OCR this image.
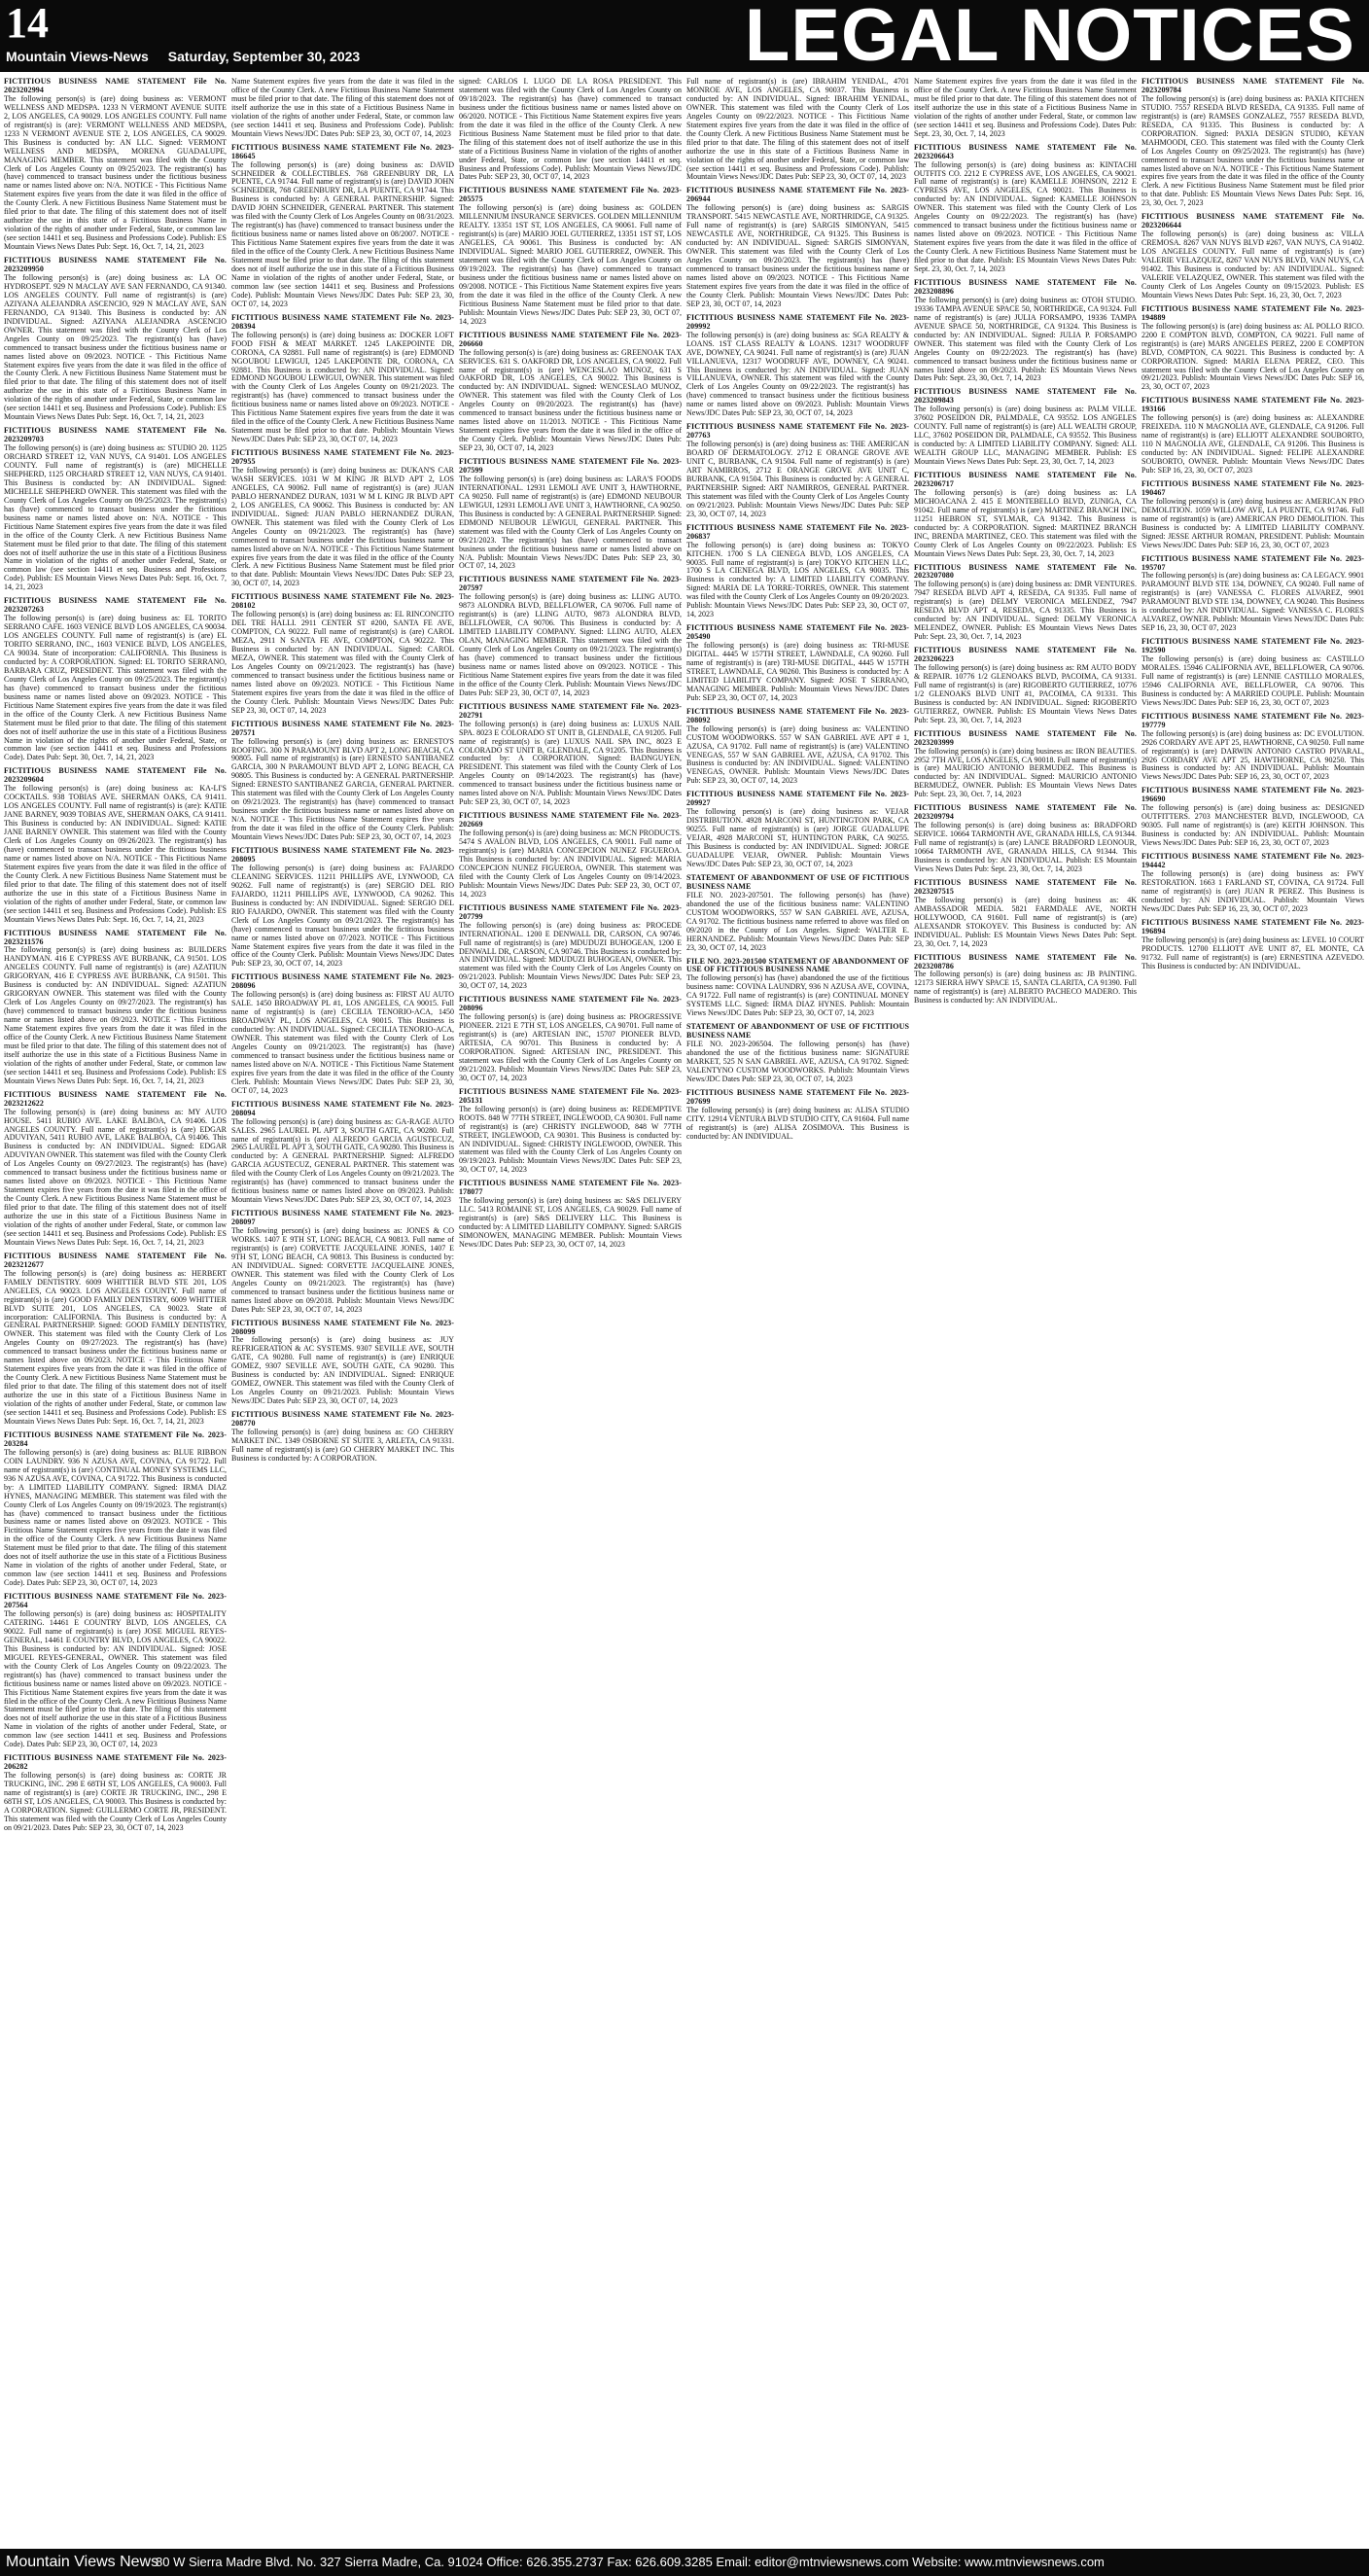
14
Mountain Views-News Saturday, September 30, 2023	LEGAL NOTICES
FICTITIOUS BUSINESS NAME STATEMENT File No. 2023202994
The following person(s) is (are) doing business as: VERMONT WELLNESS AND MEDSPA. 1233 N VERMONT AVENUE SUITE 2, LOS ANGELES, CA 90029. LOS ANGELES COUNTY. Full name of registrant(s) is (are): VERMONT WELLNESS AND MEDSPA, 1233 N VERMONT AVENUE STE 2, LOS ANGELES, CA 90029. This Business is conducted by: AN LLC. Signed: VERMONT WELLNESS AND MEDSPA, MORENA GUADALUPE, MANAGING MEMBER. This statement was filed with the County Clerk of Los Angeles County on 09/25/2023. The registrant(s) has (have) commenced to transact business under the fictitious business name or names listed above on: N/A. NOTICE - This Fictitious Name Statement expires five years from the date it was filed in the office of the County Clerk. A new Fictitious Business Name Statement must be filed prior to that date. The filing of this statement does not of itself authorize the use in this state of a Fictitious Business Name in violation of the rights of another under Federal, State, or common law (see section 14411 et seq. Business and Professions Code). Publish: ES Mountain Views News Dates Pub: Sept. 16, Oct. 7, 14, 21, 2023
FICTITIOUS BUSINESS NAME STATEMENT File No. 2023209950
The following person(s) is (are) doing business as: LA OC HYDROSEPT. 929 N MACLAY AVE SAN FERNANDO, CA 91340. LOS ANGELES COUNTY. Full name of registrant(s) is (are) AZIYANA ALEJANDRA ASCENCIO, 929 N MACLAY AVE, SAN FERNANDO, CA 91340. This Business is conducted by: AN INDIVIDUAL. Signed: AZIYANA ALEJANDRA ASCENCIO OWNER. This statement was filed with the County Clerk of Los Angeles County on 09/25/2023. The registrant(s) has (have) commenced to transact business under the fictitious business name or names listed above on 09/2023. NOTICE - This Fictitious Name Statement expires five years from the date it was filed in the office of the County Clerk. A new Fictitious Business Name Statement must be filed prior to that date. The filing of this statement does not of itself authorize the use in this state of a Fictitious Business Name in violation of the rights of another under Federal, State, or common law (see section 14411 et seq. Business and Professions Code). Publish: ES Mountain Views News Dates Pub: Sept. 16, Oct. 7, 14, 21, 2023
FICTITIOUS BUSINESS NAME STATEMENT File No. 2023209703
The following person(s) is (are) doing business as: STUDIO 20. 1125 ORCHARD STREET 12, VAN NUYS, CA 91401. LOS ANGELES COUNTY. Full name of registrant(s) is (are) MICHELLE SHEPHERD, 1125 ORCHARD STREET 12, VAN NUYS, CA 91401. This Business is conducted by: AN INDIVIDUAL. Signed: MICHELLE SHEPHERD OWNER. This statement was filed with the County Clerk of Los Angeles County on 09/25/2023. The registrant(s) has (have) commenced to transact business under the fictitious business name or names listed above on: N/A. NOTICE - This Fictitious Name Statement expires five years from the date it was filed in the office of the County Clerk. A new Fictitious Business Name Statement must be filed prior to that date. The filing of this statement does not of itself authorize the use in this state of a Fictitious Business Name in violation of the rights of another under Federal, State, or common law (see section 14411 et seq. Business and Professions Code). Publish: ES Mountain Views News Dates Pub: Sept. 16, Oct. 7, 14, 21, 2023
FICTITIOUS BUSINESS NAME STATEMENT File No. 2023207263
The following person(s) is (are) doing business as: EL TORITO SERRANO CAFE. 1603 VENICE BLVD LOS ANGELES, CA 90034. LOS ANGELES COUNTY. Full name of registrant(s) is (are) EL TORITO SERRANO, INC., 1603 VENICE BLVD, LOS ANGELES, CA 90034. State of incorporation: CALIFORNIA. This Business is conducted by: A CORPORATION. Signed: EL TORITO SERRANO, BARBARA CRUZ, PRESIDENT. This statement was filed with the County Clerk of Los Angeles County on 09/25/2023. The registrant(s) has (have) commenced to transact business under the fictitious business name or names listed above on 09/2023. NOTICE - This Fictitious Name Statement expires five years from the date it was filed in the office of the County Clerk. A new Fictitious Business Name Statement must be filed prior to that date. The filing of this statement does not of itself authorize the use in this state of a Fictitious Business Name in violation of the rights of another under Federal, State, or common law (see section 14411 et seq. Business and Professions Code). Dates Pub: Sept. 30, Oct. 7, 14, 21, 2023
FICTITIOUS BUSINESS NAME STATEMENT File No. 2023209604
The following person(s) is (are) doing business as: KA-LI'S COCKTAILS. 938 TOBIAS AVE. SHERMAN OAKS, CA 91411. LOS ANGELES COUNTY. Full name of registrant(s) is (are): KATIE JANE BARNEY, 9039 TOBIAS AVE, SHERMAN OAKS, CA 91411. This Business is conducted by: AN INDIVIDUAL. Signed: KATIE JANE BARNEY OWNER. This statement was filed with the County Clerk of Los Angeles County on 09/26/2023. The registrant(s) has (have) commenced to transact business under the fictitious business name or names listed above on N/A. NOTICE - This Fictitious Name Statement expires five years from the date it was filed in the office of the County Clerk. A new Fictitious Business Name Statement must be filed prior to that date. The filing of this statement does not of itself authorize the use in this state of a Fictitious Business Name in violation of the rights of another under Federal, State, or common law (see section 14411 et seq. Business and Professions Code). Publish: ES Mountain Views News Dates Pub: Sept. 16, Oct. 7, 14, 21, 2023
FICTITIOUS BUSINESS NAME STATEMENT File No. 2023211576
The following person(s) is (are) doing business as: BUILDERS HANDYMAN. 416 E CYPRESS AVE BURBANK, CA 91501. LOS ANGELES COUNTY. Full name of registrant(s) is (are) AZATIUN GRIGORYAN, 416 E CYPRESS AVE BURBANK, CA 91501. This Business is conducted by: AN INDIVIDUAL. Signed: AZATIUN GRIGORYAN OWNER. This statement was filed with the County Clerk of Los Angeles County on 09/27/2023. The registrant(s) has (have) commenced to transact business under the fictitious business name or names listed above on 09/2023. NOTICE - This Fictitious Name Statement expires five years from the date it was filed in the office of the County Clerk. A new Fictitious Business Name Statement must be filed prior to that date. The filing of this statement does not of itself authorize the use in this state of a Fictitious Business Name in violation of the rights of another under Federal, State, or common law (see section 14411 et seq. Business and Professions Code). Publish: ES Mountain Views News Dates Pub: Sept. 16, Oct. 7, 14, 21, 2023
FICTITIOUS BUSINESS NAME STATEMENT File No. 2023212622
The following person(s) is (are) doing business as: MY AUTO HOUSE. 5411 RUBIO AVE. LAKE BALBOA, CA 91406. LOS ANGELES COUNTY. Full name of registrant(s) is (are) EDGAR ADUVIYAN, 5411 RUBIO AVE, LAKE BALBOA, CA 91406. This Business is conducted by: AN INDIVIDUAL. Signed: EDGAR ADUVIYAN OWNER. This statement was filed with the County Clerk of Los Angeles County on 09/27/2023. The registrant(s) has (have) commenced to transact business under the fictitious business name or names listed above on 09/2023. NOTICE - This Fictitious Name Statement expires five years from the date it was filed in the office of the County Clerk. A new Fictitious Business Name Statement must be filed prior to that date. The filing of this statement does not of itself authorize the use in this state of a Fictitious Business Name in violation of the rights of another under Federal, State, or common law (see section 14411 et seq. Business and Professions Code). Publish: ES Mountain Views News Dates Pub: Sept. 16, Oct. 7, 14, 21, 2023
FICTITIOUS BUSINESS NAME STATEMENT File No. 2023212677
The following person(s) is (are) doing business as: HERBERT FAMILY DENTISTRY. 6009 WHITTIER BLVD STE 201, LOS ANGELES, CA 90023. LOS ANGELES COUNTY. Full name of registrant(s) is (are) GOOD FAMILY DENTISTRY, 6009 WHITTIER BLVD SUITE 201, LOS ANGELES, CA 90023. State of incorporation: CALIFORNIA. This Business is conducted by: A GENERAL PARTNERSHIP. Signed: GOOD FAMILY DENTISTRY, OWNER. This statement was filed with the County Clerk of Los Angeles County on 09/27/2023. The registrant(s) has (have) commenced to transact business under the fictitious business name or names listed above on 09/2023. NOTICE - This Fictitious Name Statement expires five years from the date it was filed in the office of the County Clerk. A new Fictitious Business Name Statement must be filed prior to that date. The filing of this statement does not of itself authorize the use in this state of a Fictitious Business Name in violation of the rights of another under Federal, State, or common law (see section 14411 et seq. Business and Professions Code). Publish: ES Mountain Views News Dates Pub: Sept. 16, Oct. 7, 14, 21, 2023
FICTITIOUS BUSINESS NAME STATEMENT File No. 2023-203284
The following person(s) is (are) doing business as: BLUE RIBBON COIN LAUNDRY. 936 N AZUSA AVE, COVINA, CA 91722. Full name of registrant(s) is (are) CONTINUAL MONEY SYSTEMS LLC, 936 N AZUSA AVE, COVINA, CA 91722. This Business is conducted by: A LIMITED LIABILITY COMPANY. Signed: IRMA DIAZ HYNES, MANAGING MEMBER. This statement was filed with the County Clerk of Los Angeles County on 09/19/2023. The registrant(s) has (have) commenced to transact business under the fictitious business name or names listed above on 09/2023. NOTICE - This Fictitious Name Statement expires five years from the date it was filed in the office of the County Clerk. A new Fictitious Business Name Statement must be filed prior to that date. The filing of this statement does not of itself authorize the use in this state of a Fictitious Business Name in violation of the rights of another under Federal, State, or common law (see section 14411 et seq. Business and Professions Code). Dates Pub: SEP 23, 30, OCT 07, 14, 2023
FICTITIOUS BUSINESS NAME STATEMENT File No. 2023-207564
The following person(s) is (are) doing business as: HOSPITALITY CATERING. 14461 E COUNTRY BLVD, LOS ANGELES, CA 90022. Full name of registrant(s) is (are) JOSE MIGUEL REYES-GENERAL, 14461 E COUNTRY BLVD, LOS ANGELES, CA 90022. This Business is conducted by: AN INDIVIDUAL. Signed: JOSE MIGUEL REYES-GENERAL, OWNER. This statement was filed with the County Clerk of Los Angeles County on 09/22/2023. The registrant(s) has (have) commenced to transact business under the fictitious business name or names listed above on 09/2023. NOTICE - This Fictitious Name Statement expires five years from the date it was filed in the office of the County Clerk. A new Fictitious Business Name Statement must be filed prior to that date. The filing of this statement does not of itself authorize the use in this state of a Fictitious Business Name in violation of the rights of another under Federal, State, or common law (see section 14411 et seq. Business and Professions Code). Dates Pub: SEP 23, 30, OCT 07, 14, 2023
FICTITIOUS BUSINESS NAME STATEMENT File No. 2023-206282
The following person(s) is (are) doing business as: CORTE JR TRUCKING, INC. 298 E 68TH ST, LOS ANGELES, CA 90003. Full name of registrant(s) is (are) CORTE JR TRUCKING, INC., 298 E 68TH ST, LOS ANGELES, CA 90003. This Business is conducted by: A CORPORATION. Signed: GUILLERMO CORTE JR, PRESIDENT. This statement was filed with the County Clerk of Los Angeles County on 09/21/2023. Dates Pub: SEP 23, 30, OCT 07, 14, 2023
Name Statement expires five years from the date it was filed in the office of the County Clerk. A new Fictitious Business Name Statement must be filed prior to that date. The filing of this statement does not of itself authorize the use in this state of a Fictitious Business Name in violation of the rights of another under Federal, State, or common law (see section 14411 et seq. Business and Professions Code). Publish: Mountain Views News/JDC Dates Pub: SEP 23, 30, OCT 07, 14, 2023
FICTITIOUS BUSINESS NAME STATEMENT File No. 2023-186645
The following person(s) is (are) doing business as: DAVID SCHNEIDER & COLLECTIBLES. 768 GREENBURY DR, LA PUENTE, CA 91744. Full name of registrant(s) is (are) DAVID JOHN SCHNEIDER, 768 GREENBURY DR, LA PUENTE, CA 91744. This Business is conducted by: A GENERAL PARTNERSHIP. Signed: DAVID JOHN SCHNEIDER, GENERAL PARTNER. This statement was filed with the County Clerk of Los Angeles County on 08/31/2023. The registrant(s) has (have) commenced to transact business under the fictitious business name or names listed above on 08/2007. NOTICE - This Fictitious Name Statement expires five years from the date it was filed in the office of the County Clerk. A new Fictitious Business Name Statement must be filed prior to that date. The filing of this statement does not of itself authorize the use in this state of a Fictitious Business Name in violation of the rights of another under Federal, State, or common law (see section 14411 et seq. Business and Professions Code). Publish: Mountain Views News/JDC Dates Pub: SEP 23, 30, OCT 07, 14, 2023
FICTITIOUS BUSINESS NAME STATEMENT File No. 2023-208394
The following person(s) is (are) doing business as: DOCKER LOFT FOOD FISH & MEAT MARKET. 1245 LAKEPOINTE DR, CORONA, CA 92881. Full name of registrant(s) is (are) EDMOND NGOUBOU LEWIGUI, 1245 LAKEPOINTE DR, CORONA, CA 92881. This Business is conducted by: AN INDIVIDUAL. Signed: EDMOND NGOUBOU LEWIGUI, OWNER. This statement was filed with the County Clerk of Los Angeles County on 09/21/2023. The registrant(s) has (have) commenced to transact business under the fictitious business name or names listed above on 09/2023. NOTICE - This Fictitious Name Statement expires five years from the date it was filed in the office of the County Clerk. A new Fictitious Business Name Statement must be filed prior to that date. Publish: Mountain Views News/JDC Dates Pub: SEP 23, 30, OCT 07, 14, 2023
FICTITIOUS BUSINESS NAME STATEMENT File No. 2023-207955
The following person(s) is (are) doing business as: DUKAN'S CAR WASH SERVICES. 1031 W M KING JR BLVD APT 2, LOS ANGELES, CA 90062. Full name of registrant(s) is (are) JUAN PABLO HERNANDEZ DURAN, 1031 W M L KING JR BLVD APT 2, LOS ANGELES, CA 90062. This Business is conducted by: AN INDIVIDUAL. Signed: JUAN PABLO HERNANDEZ DURAN, OWNER. This statement was filed with the County Clerk of Los Angeles County on 09/21/2023. The registrant(s) has (have) commenced to transact business under the fictitious business name or names listed above on N/A. NOTICE - This Fictitious Name Statement expires five years from the date it was filed in the office of the County Clerk. A new Fictitious Business Name Statement must be filed prior to that date. Publish: Mountain Views News/JDC Dates Pub: SEP 23, 30, OCT 07, 14, 2023
FICTITIOUS BUSINESS NAME STATEMENT File No. 2023-208102
The following person(s) is (are) doing business as: EL RINCONCITO DEL TRE HALLI. 2911 CENTER ST #200, SANTA FE AVE, COMPTON, CA 90222. Full name of registrant(s) is (are) CAROL MEZA, 2911 N SANTA FE AVE, COMPTON, CA 90222. This Business is conducted by: AN INDIVIDUAL. Signed: CAROL MEZA, OWNER. This statement was filed with the County Clerk of Los Angeles County on 09/21/2023. The registrant(s) has (have) commenced to transact business under the fictitious business name or names listed above on 09/2023. NOTICE - This Fictitious Name Statement expires five years from the date it was filed in the office of the County Clerk. Publish: Mountain Views News/JDC Dates Pub: SEP 23, 30, OCT 07, 14, 2023
FICTITIOUS BUSINESS NAME STATEMENT File No. 2023-207571
The following person(s) is (are) doing business as: ERNESTO'S ROOFING. 300 N PARAMOUNT BLVD APT 2, LONG BEACH, CA 90805. Full name of registrant(s) is (are) ERNESTO SANTIBANEZ GARCIA, 300 N PARAMOUNT BLVD APT 2, LONG BEACH, CA 90805. This Business is conducted by: A GENERAL PARTNERSHIP. Signed: ERNESTO SANTIBANEZ GARCIA, GENERAL PARTNER. This statement was filed with the County Clerk of Los Angeles County on 09/21/2023. The registrant(s) has (have) commenced to transact business under the fictitious business name or names listed above on N/A. NOTICE - This Fictitious Name Statement expires five years from the date it was filed in the office of the County Clerk. Publish: Mountain Views News/JDC Dates Pub: SEP 23, 30, OCT 07, 14, 2023
FICTITIOUS BUSINESS NAME STATEMENT File No. 2023-208095
The following person(s) is (are) doing business as: FAJARDO CLEANING SERVICES. 11211 PHILLIPS AVE, LYNWOOD, CA 90262. Full name of registrant(s) is (are) SERGIO DEL RIO FAJARDO, 11211 PHILLIPS AVE, LYNWOOD, CA 90262. This Business is conducted by: AN INDIVIDUAL. Signed: SERGIO DEL RIO FAJARDO, OWNER. This statement was filed with the County Clerk of Los Angeles County on 09/21/2023. The registrant(s) has (have) commenced to transact business under the fictitious business name or names listed above on 07/2023. NOTICE - This Fictitious Name Statement expires five years from the date it was filed in the office of the County Clerk. Publish: Mountain Views News/JDC Dates Pub: SEP 23, 30, OCT 07, 14, 2023
FICTITIOUS BUSINESS NAME STATEMENT File No. 2023-208096
The following person(s) is (are) doing business as: FIRST AU AUTO SALE. 1450 BROADWAY PL #1, LOS ANGELES, CA 90015. Full name of registrant(s) is (are) CECILIA TENORIO-ACA, 1450 BROADWAY PL, LOS ANGELES, CA 90015. This Business is conducted by: AN INDIVIDUAL. Signed: CECILIA TENORIO-ACA, OWNER. This statement was filed with the County Clerk of Los Angeles County on 09/21/2023. The registrant(s) has (have) commenced to transact business under the fictitious business name or names listed above on N/A. NOTICE - This Fictitious Name Statement expires five years from the date it was filed in the office of the County Clerk. Publish: Mountain Views News/JDC Dates Pub: SEP 23, 30, OCT 07, 14, 2023
FICTITIOUS BUSINESS NAME STATEMENT File No. 2023-208094
The following person(s) is (are) doing business as: GA-RAGE AUTO SALES. 2965 LAUREL PL APT 3, SOUTH GATE, CA 90280. Full name of registrant(s) is (are) ALFREDO GARCIA AGUSTECUZ, 2965 LAUREL PL APT 3, SOUTH GATE, CA 90280. This Business is conducted by: A GENERAL PARTNERSHIP. Signed: ALFREDO GARCIA AGUSTECUZ, GENERAL PARTNER. This statement was filed with the County Clerk of Los Angeles County on 09/21/2023. The registrant(s) has (have) commenced to transact business under the fictitious business name or names listed above on 09/2023. Publish: Mountain Views News/JDC Dates Pub: SEP 23, 30, OCT 07, 14, 2023
FICTITIOUS BUSINESS NAME STATEMENT File No. 2023-208097
The following person(s) is (are) doing business as: JONES & CO WORKS. 1407 E 9TH ST, LONG BEACH, CA 90813. Full name of registrant(s) is (are) CORVETTE JACQUELAINE JONES, 1407 E 9TH ST, LONG BEACH, CA 90813. This Business is conducted by: AN INDIVIDUAL. Signed: CORVETTE JACQUELAINE JONES, OWNER. This statement was filed with the County Clerk of Los Angeles County on 09/21/2023. The registrant(s) has (have) commenced to transact business under the fictitious business name or names listed above on 09/2018. Publish: Mountain Views News/JDC Dates Pub: SEP 23, 30, OCT 07, 14, 2023
FICTITIOUS BUSINESS NAME STATEMENT File No. 2023-208099
The following person(s) is (are) doing business as: JUY REFRIGERATION & AC SYSTEMS. 9307 SEVILLE AVE, SOUTH GATE, CA 90280. Full name of registrant(s) is (are) ENRIQUE GOMEZ, 9307 SEVILLE AVE, SOUTH GATE, CA 90280. This Business is conducted by: AN INDIVIDUAL. Signed: ENRIQUE GOMEZ, OWNER. This statement was filed with the County Clerk of Los Angeles County on 09/21/2023. Publish: Mountain Views News/JDC Dates Pub: SEP 23, 30, OCT 07, 14, 2023
FICTITIOUS BUSINESS NAME STATEMENT File No. 2023-208770
The following person(s) is (are) doing business as: GO CHERRY MARKET INC. 1349 OSBORNE ST SUITE 3, ARLETA, CA 91331. Full name of registrant(s) is (are) GO CHERRY MARKET INC. This Business is conducted by: A CORPORATION.
signed: CARLOS I. LUGO DE LA ROSA PRESIDENT. This statement was filed with the County Clerk of Los Angeles County on 09/18/2023. The registrant(s) has (have) commenced to transact business under the fictitious business name or names listed above on 06/2020. NOTICE - This Fictitious Name Statement expires five years from the date it was filed in the office of the County Clerk. A new Fictitious Business Name Statement must be filed prior to that date. The filing of this statement does not of itself authorize the use in this state of a Fictitious Business Name in violation of the rights of another under Federal, State, or common law (see section 14411 et seq. Business and Professions Code). Publish: Mountain Views News/JDC Dates Pub: SEP 23, 30, OCT 07, 14, 2023
FICTITIOUS BUSINESS NAME STATEMENT File No. 2023-205575
The following person(s) is (are) doing business as: GOLDEN MILLENNIUM INSURANCE SERVICES. GOLDEN MILLENNIUM REALTY. 13351 1ST ST, LOS ANGELES, CA 90061. Full name of registrant(s) is (are) MARIO JOEL GUTIERREZ, 13351 1ST ST, LOS ANGELES, CA 90061. This Business is conducted by: AN INDIVIDUAL. Signed: MARIO JOEL GUTIERREZ, OWNER. This statement was filed with the County Clerk of Los Angeles County on 09/19/2023. The registrant(s) has (have) commenced to transact business under the fictitious business name or names listed above on 09/2008. NOTICE - This Fictitious Name Statement expires five years from the date it was filed in the office of the County Clerk. A new Fictitious Business Name Statement must be filed prior to that date. Publish: Mountain Views News/JDC Dates Pub: SEP 23, 30, OCT 07, 14, 2023
FICTITIOUS BUSINESS NAME STATEMENT File No. 2023-206660
The following person(s) is (are) doing business as: GREENOAK TAX SERVICES. 631 S. OAKFORD DR, LOS ANGELES, CA 90022. Full name of registrant(s) is (are) WENCESLAO MUNOZ, 631 S OAKFORD DR, LOS ANGELES, CA 90022. This Business is conducted by: AN INDIVIDUAL. Signed: WENCESLAO MUNOZ, OWNER. This statement was filed with the County Clerk of Los Angeles County on 09/20/2023. The registrant(s) has (have) commenced to transact business under the fictitious business name or names listed above on 11/2013. NOTICE - This Fictitious Name Statement expires five years from the date it was filed in the office of the County Clerk. Publish: Mountain Views News/JDC Dates Pub: SEP 23, 30, OCT 07, 14, 2023
FICTITIOUS BUSINESS NAME STATEMENT File No. 2023-207599
The following person(s) is (are) doing business as: LARA'S FOODS INTERNATIONAL. 12931 LEMOLI AVE UNIT 3, HAWTHORNE, CA 90250. Full name of registrant(s) is (are) EDMOND NEUBOUR LEWIGUI, 12931 LEMOLI AVE UNIT 3, HAWTHORNE, CA 90250. This Business is conducted by: A GENERAL PARTNERSHIP. Signed: EDMOND NEUBOUR LEWIGUI, GENERAL PARTNER. This statement was filed with the County Clerk of Los Angeles County on 09/21/2023. The registrant(s) has (have) commenced to transact business under the fictitious business name or names listed above on N/A. Publish: Mountain Views News/JDC Dates Pub: SEP 23, 30, OCT 07, 14, 2023
FICTITIOUS BUSINESS NAME STATEMENT File No. 2023-207597
The following person(s) is (are) doing business as: LLING AUTO. 9873 ALONDRA BLVD, BELLFLOWER, CA 90706. Full name of registrant(s) is (are) LLING AUTO, 9873 ALONDRA BLVD, BELLFLOWER, CA 90706. This Business is conducted by: A LIMITED LIABILITY COMPANY. Signed: LLING AUTO, ALEX OLAN, MANAGING MEMBER. This statement was filed with the County Clerk of Los Angeles County on 09/21/2023. The registrant(s) has (have) commenced to transact business under the fictitious business name or names listed above on 09/2023. NOTICE - This Fictitious Name Statement expires five years from the date it was filed in the office of the County Clerk. Publish: Mountain Views News/JDC Dates Pub: SEP 23, 30, OCT 07, 14, 2023
FICTITIOUS BUSINESS NAME STATEMENT File No. 2023-202791
The following person(s) is (are) doing business as: LUXUS NAIL SPA. 8023 E COLORADO ST UNIT B, GLENDALE, CA 91205. Full name of registrant(s) is (are) LUXUS NAIL SPA INC, 8023 E COLORADO ST UNIT B, GLENDALE, CA 91205. This Business is conducted by: A CORPORATION. Signed: BADNGUYEN, PRESIDENT. This statement was filed with the County Clerk of Los Angeles County on 09/14/2023. The registrant(s) has (have) commenced to transact business under the fictitious business name or names listed above on N/A. Publish: Mountain Views News/JDC Dates Pub: SEP 23, 30, OCT 07, 14, 2023
FICTITIOUS BUSINESS NAME STATEMENT File No. 2023-202669
The following person(s) is (are) doing business as: MCN PRODUCTS. 5474 S AVALON BLVD, LOS ANGELES, CA 90011. Full name of registrant(s) is (are) MARIA CONCEPCION NUNEZ FIGUEROA. This Business is conducted by: AN INDIVIDUAL. Signed: MARIA CONCEPCION NUNEZ FIGUEROA, OWNER. This statement was filed with the County Clerk of Los Angeles County on 09/14/2023. Publish: Mountain Views News/JDC Dates Pub: SEP 23, 30, OCT 07, 14, 2023
FICTITIOUS BUSINESS NAME STATEMENT File No. 2023-207799
The following person(s) is (are) doing business as: PROCEDE INTERNATIONAL. 1200 E DENWALL DR, CARSON, CA 90746. Full name of registrant(s) is (are) MDUDUZI BUHOGEAN, 1200 E DENWALL DR, CARSON, CA 90746. This Business is conducted by: AN INDIVIDUAL. Signed: MDUDUZI BUHOGEAN, OWNER. This statement was filed with the County Clerk of Los Angeles County on 09/21/2023. Publish: Mountain Views News/JDC Dates Pub: SEP 23, 30, OCT 07, 14, 2023
FICTITIOUS BUSINESS NAME STATEMENT File No. 2023-208096
The following person(s) is (are) doing business as: PROGRESSIVE PIONEER. 2121 E 7TH ST, LOS ANGELES, CA 90701. Full name of registrant(s) is (are) ARTESIAN INC, 15707 PIONEER BLVD, ARTESIA, CA 90701. This Business is conducted by: A CORPORATION. Signed: ARTESIAN INC, PRESIDENT. This statement was filed with the County Clerk of Los Angeles County on 09/21/2023. Publish: Mountain Views News/JDC Dates Pub: SEP 23, 30, OCT 07, 14, 2023
FICTITIOUS BUSINESS NAME STATEMENT File No. 2023-205131
The following person(s) is (are) doing business as: REDEMPTIVE ROOTS. 848 W 77TH STREET, INGLEWOOD, CA 90301. Full name of registrant(s) is (are) CHRISTY INGLEWOOD, 848 W 77TH STREET, INGLEWOOD, CA 90301. This Business is conducted by: AN INDIVIDUAL. Signed: CHRISTY INGLEWOOD, OWNER. This statement was filed with the County Clerk of Los Angeles County on 09/19/2023. Publish: Mountain Views News/JDC Dates Pub: SEP 23, 30, OCT 07, 14, 2023
FICTITIOUS BUSINESS NAME STATEMENT File No. 2023-178077
The following person(s) is (are) doing business as: S&S DELIVERY LLC. 5413 ROMAINE ST, LOS ANGELES, CA 90029. Full name of registrant(s) is (are) S&S DELIVERY LLC. This Business is conducted by: A LIMITED LIABILITY COMPANY. Signed: SARGIS SIMONOWEN, MANAGING MEMBER. Publish: Mountain Views News/JDC Dates Pub: SEP 23, 30, OCT 07, 14, 2023
Full name of registrant(s) is (are) IBRAHIM YENIDAL, 4701 MONROE AVE, LOS ANGELES, CA 90037. This Business is conducted by: AN INDIVIDUAL. Signed: IBRAHIM YENIDAL, OWNER. This statement was filed with the County Clerk of Los Angeles County on 09/22/2023. NOTICE - This Fictitious Name Statement expires five years from the date it was filed in the office of the County Clerk. A new Fictitious Business Name Statement must be filed prior to that date. The filing of this statement does not of itself authorize the use in this state of a Fictitious Business Name in violation of the rights of another under Federal, State, or common law (see section 14411 et seq. Business and Professions Code). Publish: Mountain Views News/JDC Dates Pub: SEP 23, 30, OCT 07, 14, 2023
FICTITIOUS BUSINESS NAME STATEMENT File No. 2023-206944
The following person(s) is (are) doing business as: SARGIS TRANSPORT. 5415 NEWCASTLE AVE, NORTHRIDGE, CA 91325. Full name of registrant(s) is (are) SARGIS SIMONYAN, 5415 NEWCASTLE AVE, NORTHRIDGE, CA 91325. This Business is conducted by: AN INDIVIDUAL. Signed: SARGIS SIMONYAN, OWNER. This statement was filed with the County Clerk of Los Angeles County on 09/20/2023. The registrant(s) has (have) commenced to transact business under the fictitious business name or names listed above on 09/2023. NOTICE - This Fictitious Name Statement expires five years from the date it was filed in the office of the County Clerk. Publish: Mountain Views News/JDC Dates Pub: SEP 23, 30, OCT 07, 14, 2023
FICTITIOUS BUSINESS NAME STATEMENT File No. 2023-209992
The following person(s) is (are) doing business as: SGA REALTY & LOANS. 1ST CLASS REALTY & LOANS. 12317 WOODRUFF AVE, DOWNEY, CA 90241. Full name of registrant(s) is (are) JUAN VILLANUEVA, 12317 WOODRUFF AVE, DOWNEY, CA 90241. This Business is conducted by: AN INDIVIDUAL. Signed: JUAN VILLANUEVA, OWNER. This statement was filed with the County Clerk of Los Angeles County on 09/22/2023. The registrant(s) has (have) commenced to transact business under the fictitious business name or names listed above on 09/2023. Publish: Mountain Views News/JDC Dates Pub: SEP 23, 30, OCT 07, 14, 2023
FICTITIOUS BUSINESS NAME STATEMENT File No. 2023-207763
The following person(s) is (are) doing business as: THE AMERICAN BOARD OF DERMATOLOGY. 2712 E ORANGE GROVE AVE UNIT C, BURBANK, CA 91504. Full name of registrant(s) is (are) ART NAMIRROS, 2712 E ORANGE GROVE AVE UNIT C, BURBANK, CA 91504. This Business is conducted by: A GENERAL PARTNERSHIP. Signed: ART NAMIRROS, GENERAL PARTNER. This statement was filed with the County Clerk of Los Angeles County on 09/21/2023. Publish: Mountain Views News/JDC Dates Pub: SEP 23, 30, OCT 07, 14, 2023
FICTITIOUS BUSINESS NAME STATEMENT File No. 2023-206837
The following person(s) is (are) doing business as: TOKYO KITCHEN. 1700 S LA CIENEGA BLVD, LOS ANGELES, CA 90035. Full name of registrant(s) is (are) TOKYO KITCHEN LLC, 1700 S LA CIENEGA BLVD, LOS ANGELES, CA 90035. This Business is conducted by: A LIMITED LIABILITY COMPANY. Signed: MARIA DE LA TORRE-TORRES, OWNER. This statement was filed with the County Clerk of Los Angeles County on 09/20/2023. Publish: Mountain Views News/JDC Dates Pub: SEP 23, 30, OCT 07, 14, 2023
FICTITIOUS BUSINESS NAME STATEMENT File No. 2023-205490
The following person(s) is (are) doing business as: TRI-MUSE DIGITAL. 4445 W 157TH STREET, LAWNDALE, CA 90260. Full name of registrant(s) is (are) TRI-MUSE DIGITAL, 4445 W 157TH STREET, LAWNDALE, CA 90260. This Business is conducted by: A LIMITED LIABILITY COMPANY. Signed: JOSE T SERRANO, MANAGING MEMBER. Publish: Mountain Views News/JDC Dates Pub: SEP 23, 30, OCT 07, 14, 2023
FICTITIOUS BUSINESS NAME STATEMENT File No. 2023-208092
The following person(s) is (are) doing business as: VALENTINO CUSTOM WOODWORKS. 557 W SAN GABRIEL AVE APT # 1, AZUSA, CA 91702. Full name of registrant(s) is (are) VALENTINO VENEGAS, 557 W SAN GABRIEL AVE, AZUSA, CA 91702. This Business is conducted by: AN INDIVIDUAL. Signed: VALENTINO VENEGAS, OWNER. Publish: Mountain Views News/JDC Dates Pub: SEP 23, 30, OCT 07, 14, 2023
FICTITIOUS BUSINESS NAME STATEMENT File No. 2023-209927
The following person(s) is (are) doing business as: VEJAR DISTRIBUTION. 4928 MARCONI ST, HUNTINGTON PARK, CA 90255. Full name of registrant(s) is (are) JORGE GUADALUPE VEJAR, 4928 MARCONI ST, HUNTINGTON PARK, CA 90255. This Business is conducted by: AN INDIVIDUAL. Signed: JORGE GUADALUPE VEJAR, OWNER. Publish: Mountain Views News/JDC Dates Pub: SEP 23, 30, OCT 07, 14, 2023
STATEMENT OF ABANDONMENT OF USE OF FICTITIOUS BUSINESS NAME
FILE NO. 2023-207501. The following person(s) has (have) abandoned the use of the fictitious business name: VALENTINO CUSTOM WOODWORKS, 557 W SAN GABRIEL AVE, AZUSA, CA 91702. The fictitious business name referred to above was filed on 09/2020 in the County of Los Angeles. Signed: WALTER E. HERNANDEZ. Publish: Mountain Views News/JDC Dates Pub: SEP 23, 30, OCT 07, 14, 2023
FILE NO. 2023-201500 STATEMENT OF ABANDONMENT OF USE OF FICTITIOUS BUSINESS NAME
The following person(s) has (have) abandoned the use of the fictitious business name: COVINA LAUNDRY, 936 N AZUSA AVE, COVINA, CA 91722. Full name of registrant(s) is (are) CONTINUAL MONEY SYSTEMS LLC. Signed: IRMA DIAZ HYNES. Publish: Mountain Views News/JDC Dates Pub: SEP 23, 30, OCT 07, 14, 2023
STATEMENT OF ABANDONMENT OF USE OF FICTITIOUS BUSINESS NAME
FILE NO. 2023-206504. The following person(s) has (have) abandoned the use of the fictitious business name: SIGNATURE MARKET, 525 N SAN GABRIEL AVE, AZUSA, CA 91702. Signed: VALENTYNO CUSTOM WOODWORKS. Publish: Mountain Views News/JDC Dates Pub: SEP 23, 30, OCT 07, 14, 2023
FICTITIOUS BUSINESS NAME STATEMENT File No. 2023-207699
The following person(s) is (are) doing business as: ALISA STUDIO CITY. 12914 VENTURA BLVD STUDIO CITY, CA 91604. Full name of registrant(s) is (are) ALISA ZOSIMOVA. This Business is conducted by: AN INDIVIDUAL.
Name Statement expires five years from the date it was filed in the office of the County Clerk. A new Fictitious Business Name Statement must be filed prior to that date. The filing of this statement does not of itself authorize the use in this state of a Fictitious Business Name in violation of the rights of another under Federal, State, or common law (see section 14411 et seq. Business and Professions Code). Dates Pub: Sept. 23, 30, Oct. 7, 14, 2023
FICTITIOUS BUSINESS NAME STATEMENT File No. 2023206643
The following person(s) is (are) doing business as: KINTACHI OUTFITS CO. 2212 E CYPRESS AVE, LOS ANGELES, CA 90021. Full name of registrant(s) is (are) KAMELLE JOHNSON, 2212 E CYPRESS AVE, LOS ANGELES, CA 90021. This Business is conducted by: AN INDIVIDUAL. Signed: KAMELLE JOHNSON OWNER. This statement was filed with the County Clerk of Los Angeles County on 09/22/2023. The registrant(s) has (have) commenced to transact business under the fictitious business name or names listed above on 09/2023. NOTICE - This Fictitious Name Statement expires five years from the date it was filed in the office of the County Clerk. A new Fictitious Business Name Statement must be filed prior to that date. Publish: ES Mountain Views News Dates Pub: Sept. 23, 30, Oct. 7, 14, 2023
FICTITIOUS BUSINESS NAME STATEMENT File No. 2023208896
The following person(s) is (are) doing business as: OTOH STUDIO. 19336 TAMPA AVENUE SPACE 50, NORTHRIDGE, CA 91324. Full name of registrant(s) is (are) JULIA FORSAMPO, 19336 TAMPA AVENUE SPACE 50, NORTHRIDGE, CA 91324. This Business is conducted by: AN INDIVIDUAL. Signed: JULIA P. FORSAMPO OWNER. This statement was filed with the County Clerk of Los Angeles County on 09/22/2023. The registrant(s) has (have) commenced to transact business under the fictitious business name or names listed above on 09/2023. Publish: ES Mountain Views News Dates Pub: Sept. 23, 30, Oct. 7, 14, 2023
FICTITIOUS BUSINESS NAME STATEMENT File No. 2023209843
The following person(s) is (are) doing business as: PALM VILLE. 37602 POSEIDON DR, PALMDALE, CA 93552. LOS ANGELES COUNTY. Full name of registrant(s) is (are) ALL WEALTH GROUP, LLC, 37602 POSEIDON DR, PALMDALE, CA 93552. This Business is conducted by: A LIMITED LIABILITY COMPANY. Signed: ALL WEALTH GROUP LLC, MANAGING MEMBER. Publish: ES Mountain Views News Dates Pub: Sept. 23, 30, Oct. 7, 14, 2023
FICTITIOUS BUSINESS NAME STATEMENT File No. 2023206717
The following person(s) is (are) doing business as: LA MICHOACANA 2. 415 E MONTEBELLO BLVD, ZUNIGA, CA 91042. Full name of registrant(s) is (are) MARTINEZ BRANCH INC, 11251 HEBRON ST, SYLMAR, CA 91342. This Business is conducted by: A CORPORATION. Signed: MARTINEZ BRANCH INC, BRENDA MARTINEZ, CEO. This statement was filed with the County Clerk of Los Angeles County on 09/22/2023. Publish: ES Mountain Views News Dates Pub: Sept. 23, 30, Oct. 7, 14, 2023
FICTITIOUS BUSINESS NAME STATEMENT File No. 2023207080
The following person(s) is (are) doing business as: DMR VENTURES. 7947 RESEDA BLVD APT 4, RESEDA, CA 91335. Full name of registrant(s) is (are) DELMY VERONICA MELENDEZ, 7947 RESEDA BLVD APT 4, RESEDA, CA 91335. This Business is conducted by: AN INDIVIDUAL. Signed: DELMY VERONICA MELENDEZ, OWNER. Publish: ES Mountain Views News Dates Pub: Sept. 23, 30, Oct. 7, 14, 2023
FICTITIOUS BUSINESS NAME STATEMENT File No. 2023206223
The following person(s) is (are) doing business as: RM AUTO BODY & REPAIR. 10776 1/2 GLENOAKS BLVD, PACOIMA, CA 91331. Full name of registrant(s) is (are) RIGOBERTO GUTIERREZ, 10776 1/2 GLENOAKS BLVD UNIT #1, PACOIMA, CA 91331. This Business is conducted by: AN INDIVIDUAL. Signed: RIGOBERTO GUTIERREZ, OWNER. Publish: ES Mountain Views News Dates Pub: Sept. 23, 30, Oct. 7, 14, 2023
FICTITIOUS BUSINESS NAME STATEMENT File No. 2023203999
The following person(s) is (are) doing business as: IRON BEAUTIES. 2952 7TH AVE, LOS ANGELES, CA 90018. Full name of registrant(s) is (are) MAURICIO ANTONIO BERMUDEZ. This Business is conducted by: AN INDIVIDUAL. Signed: MAURICIO ANTONIO BERMUDEZ, OWNER. Publish: ES Mountain Views News Dates Pub: Sept. 23, 30, Oct. 7, 14, 2023
FICTITIOUS BUSINESS NAME STATEMENT File No. 2023209794
The following person(s) is (are) doing business as: BRADFORD SERVICE. 10664 TARMONTH AVE, GRANADA HILLS, CA 91344. Full name of registrant(s) is (are) LANCE BRADFORD LEONOUR, 10664 TARMONTH AVE, GRANADA HILLS, CA 91344. This Business is conducted by: AN INDIVIDUAL. Publish: ES Mountain Views News Dates Pub: Sept. 23, 30, Oct. 7, 14, 2023
FICTITIOUS BUSINESS NAME STATEMENT File No. 2023207515
The following person(s) is (are) doing business as: 4K AMBASSADOR MEDIA. 5821 FARMDALE AVE, NORTH HOLLYWOOD, CA 91601. Full name of registrant(s) is (are) ALEXSANDR STOKOYEV. This Business is conducted by: AN INDIVIDUAL. Publish: ES Mountain Views News Dates Pub: Sept. 23, 30, Oct. 7, 14, 2023
FICTITIOUS BUSINESS NAME STATEMENT File No. 2023208786
The following person(s) is (are) doing business as: JB PAINTING. 12173 SIERRA HWY SPACE 15, SANTA CLARITA, CA 91390. Full name of registrant(s) is (are) ALBERTO PACHECO MADERO. This Business is conducted by: AN INDIVIDUAL.
FICTITIOUS BUSINESS NAME STATEMENT File No. 2023209784
The following person(s) is (are) doing business as: PAXIA KITCHEN STUDIO. 7557 RESEDA BLVD RESEDA, CA 91335. Full name of registrant(s) is (are) RAMSES GONZALEZ, 7557 RESEDA BLVD, RESEDA, CA 91335. This Business is conducted by: A CORPORATION. Signed: PAXIA DESIGN STUDIO, KEYAN MAHMOODI, CEO. This statement was filed with the County Clerk of Los Angeles County on 09/25/2023. The registrant(s) has (have) commenced to transact business under the fictitious business name or names listed above on N/A. NOTICE - This Fictitious Name Statement expires five years from the date it was filed in the office of the County Clerk. A new Fictitious Business Name Statement must be filed prior to that date. Publish: ES Mountain Views News Dates Pub: Sept. 16, 23, 30, Oct. 7, 2023
FICTITIOUS BUSINESS NAME STATEMENT File No. 2023206644
The following person(s) is (are) doing business as: VILLA CREMOSA. 8267 VAN NUYS BLVD #267, VAN NUYS, CA 91402. LOS ANGELES COUNTY. Full name of registrant(s) is (are) VALERIE VELAZQUEZ, 8267 VAN NUYS BLVD, VAN NUYS, CA 91402. This Business is conducted by: AN INDIVIDUAL. Signed: VALERIE VELAZQUEZ, OWNER. This statement was filed with the County Clerk of Los Angeles County on 09/15/2023. Publish: ES Mountain Views News Dates Pub: Sept. 16, 23, 30, Oct. 7, 2023
FICTITIOUS BUSINESS NAME STATEMENT File No. 2023-194889
The following person(s) is (are) doing business as: AL POLLO RICO. 2200 E COMPTON BLVD, COMPTON, CA 90221. Full name of registrant(s) is (are) MARS ANGELES PEREZ, 2200 E COMPTON BLVD, COMPTON, CA 90221. This Business is conducted by: A CORPORATION. Signed: MARIA ELENA PEREZ, CEO. This statement was filed with the County Clerk of Los Angeles County on 09/21/2023. Publish: Mountain Views News/JDC Dates Pub: SEP 16, 23, 30, OCT 07, 2023
FICTITIOUS BUSINESS NAME STATEMENT File No. 2023-193166
The following person(s) is (are) doing business as: ALEXANDRE FREIXEDA. 110 N MAGNOLIA AVE, GLENDALE, CA 91206. Full name of registrant(s) is (are) ELLIOTT ALEXANDRE SOUBORTO, 110 N MAGNOLIA AVE, GLENDALE, CA 91206. This Business is conducted by: AN INDIVIDUAL. Signed: FELIPE ALEXANDRE SOUBORTO, OWNER. Publish: Mountain Views News/JDC Dates Pub: SEP 16, 23, 30, OCT 07, 2023
FICTITIOUS BUSINESS NAME STATEMENT File No. 2023-190467
The following person(s) is (are) doing business as: AMERICAN PRO DEMOLITION. 1059 WILLOW AVE, LA PUENTE, CA 91746. Full name of registrant(s) is (are) AMERICAN PRO DEMOLITION. This Business is conducted by: A LIMITED LIABILITY COMPANY. Signed: JESSE ARTHUR ROMAN, PRESIDENT. Publish: Mountain Views News/JDC Dates Pub: SEP 16, 23, 30, OCT 07, 2023
FICTITIOUS BUSINESS NAME STATEMENT File No. 2023-195707
The following person(s) is (are) doing business as: CA LEGACY. 9901 PARAMOUNT BLVD STE 134, DOWNEY, CA 90240. Full name of registrant(s) is (are) VANESSA C. FLORES ALVAREZ, 9901 PARAMOUNT BLVD STE 134, DOWNEY, CA 90240. This Business is conducted by: AN INDIVIDUAL. Signed: VANESSA C. FLORES ALVAREZ, OWNER. Publish: Mountain Views News/JDC Dates Pub: SEP 16, 23, 30, OCT 07, 2023
FICTITIOUS BUSINESS NAME STATEMENT File No. 2023-192590
The following person(s) is (are) doing business as: CASTILLO MORALES. 15946 CALIFORNIA AVE, BELLFLOWER, CA 90706. Full name of registrant(s) is (are) LENNIE CASTILLO MORALES, 15946 CALIFORNIA AVE, BELLFLOWER, CA 90706. This Business is conducted by: A MARRIED COUPLE. Publish: Mountain Views News/JDC Dates Pub: SEP 16, 23, 30, OCT 07, 2023
FICTITIOUS BUSINESS NAME STATEMENT File No. 2023-197779
The following person(s) is (are) doing business as: DC EVOLUTION. 2926 CORDARY AVE APT 25, HAWTHORNE, CA 90250. Full name of registrant(s) is (are) DARWIN ANTONIO CASTRO PIVARAL, 2926 CORDARY AVE APT 25, HAWTHORNE, CA 90250. This Business is conducted by: AN INDIVIDUAL. Publish: Mountain Views News/JDC Dates Pub: SEP 16, 23, 30, OCT 07, 2023
FICTITIOUS BUSINESS NAME STATEMENT File No. 2023-196690
The following person(s) is (are) doing business as: DESIGNED OUTFITTERS. 2703 MANCHESTER BLVD, INGLEWOOD, CA 90305. Full name of registrant(s) is (are) KEITH JOHNSON. This Business is conducted by: AN INDIVIDUAL. Publish: Mountain Views News/JDC Dates Pub: SEP 16, 23, 30, OCT 07, 2023
FICTITIOUS BUSINESS NAME STATEMENT File No. 2023-194442
The following person(s) is (are) doing business as: FWY RESTORATION. 1663 1 FARLAND ST, COVINA, CA 91724. Full name of registrant(s) is (are) JUAN R PEREZ. This Business is conducted by: AN INDIVIDUAL. Publish: Mountain Views News/JDC Dates Pub: SEP 16, 23, 30, OCT 07, 2023
FICTITIOUS BUSINESS NAME STATEMENT File No. 2023-196894
The following person(s) is (are) doing business as: LEVEL 10 COURT PRODUCTS. 12700 ELLIOTT AVE UNIT 87, EL MONTE, CA 91732. Full name of registrant(s) is (are) ERNESTINA AZEVEDO. This Business is conducted by: AN INDIVIDUAL.
Mountain Views News
80 W Sierra Madre Blvd. No. 327 Sierra Madre, Ca. 91024 Office: 626.355.2737 Fax: 626.609.3285 Email: editor@mtnviewsnews.com Website: www.mtnviewsnews.com
